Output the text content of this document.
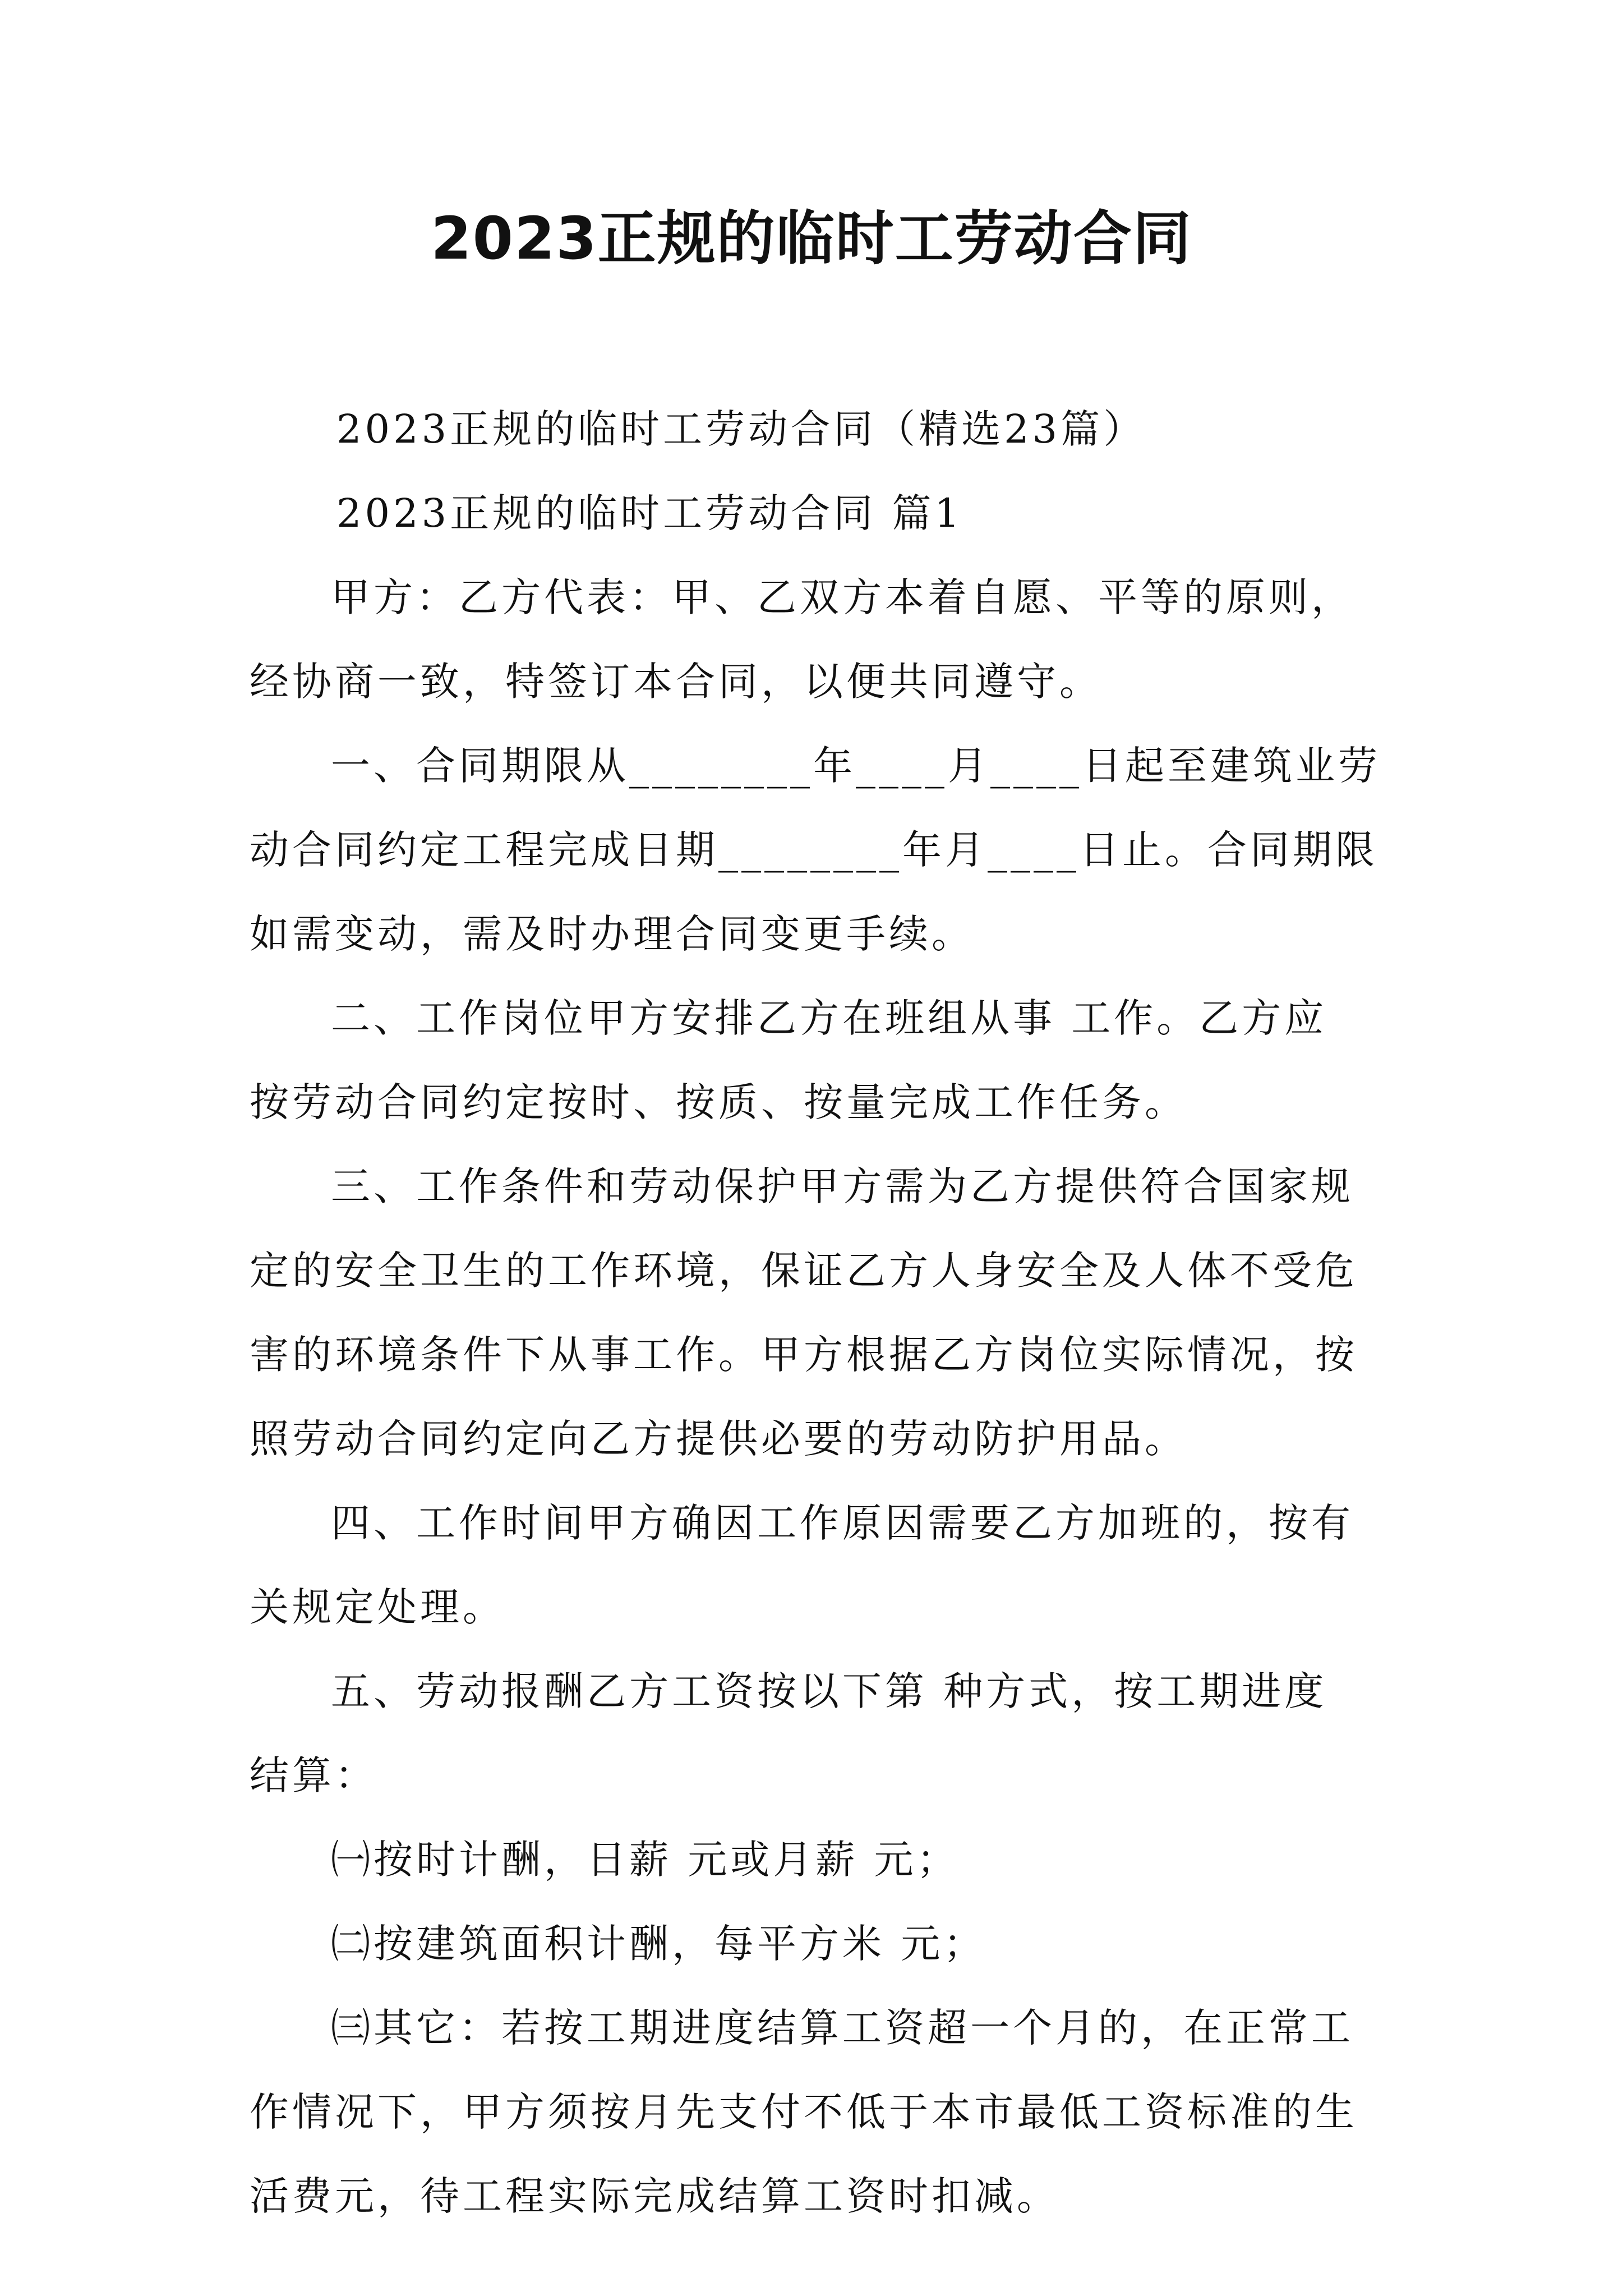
2023正规的临时工劳动合同
2023正规的临时工劳动合同（精选23篇）
2023正规的临时工劳动合同 篇1
甲方：乙方代表：甲、乙双方本着自愿、平等的原则，
经协商一致，特签订本合同，以便共同遵守。
一、合同期限从________年____月____日起至建筑业劳
动合同约定工程完成日期________年月____日止。合同期限
如需变动，需及时办理合同变更手续。
二、工作岗位甲方安排乙方在班组从事 工作。乙方应
按劳动合同约定按时、按质、按量完成工作任务。
三、工作条件和劳动保护甲方需为乙方提供符合国家规
定的安全卫生的工作环境，保证乙方人身安全及人体不受危
害的环境条件下从事工作。甲方根据乙方岗位实际情况，按
照劳动合同约定向乙方提供必要的劳动防护用品。
四、工作时间甲方确因工作原因需要乙方加班的，按有
关规定处理。
五、劳动报酬乙方工资按以下第 种方式，按工期进度
结算：
㈠按时计酬，日薪 元或月薪 元；
㈡按建筑面积计酬，每平方米 元；
㈢其它：若按工期进度结算工资超一个月的，在正常工
作情况下，甲方须按月先支付不低于本市最低工资标准的生
活费元，待工程实际完成结算工资时扣减。
